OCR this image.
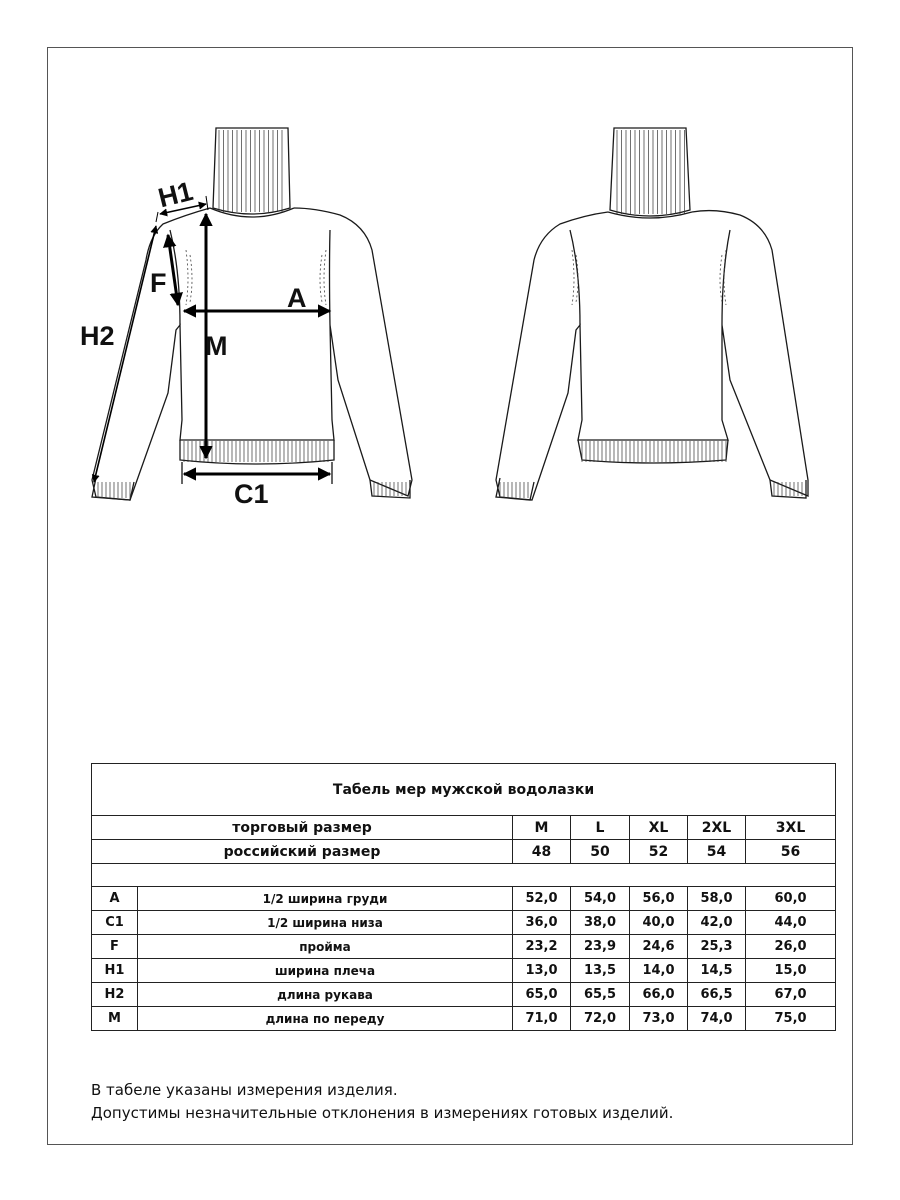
H1
F
H2	M
A
C1
Табель мер мужской водолазки						
торговый размер		M	L	XL	2XL	3XL
российский размер		48	50	52	54	56

A	1/2 ширина груди	52,0	54,0	56,0	58,0	60,0
C1	1/2 ширина низа	36,0	38,0	40,0	42,0	44,0
F	пройма	23,2	23,9	24,6	25,3	26,0
H1	ширина плеча	13,0	13,5	14,0	14,5	15,0
H2	длина рукава	65,0	65,5	66,0	66,5	67,0
M	длина по переду	71,0	72,0	73,0	74,0	75,0
В табеле указаны измерения изделия.
Допустимы незначительные отклонения в измерениях готовых изделий.
